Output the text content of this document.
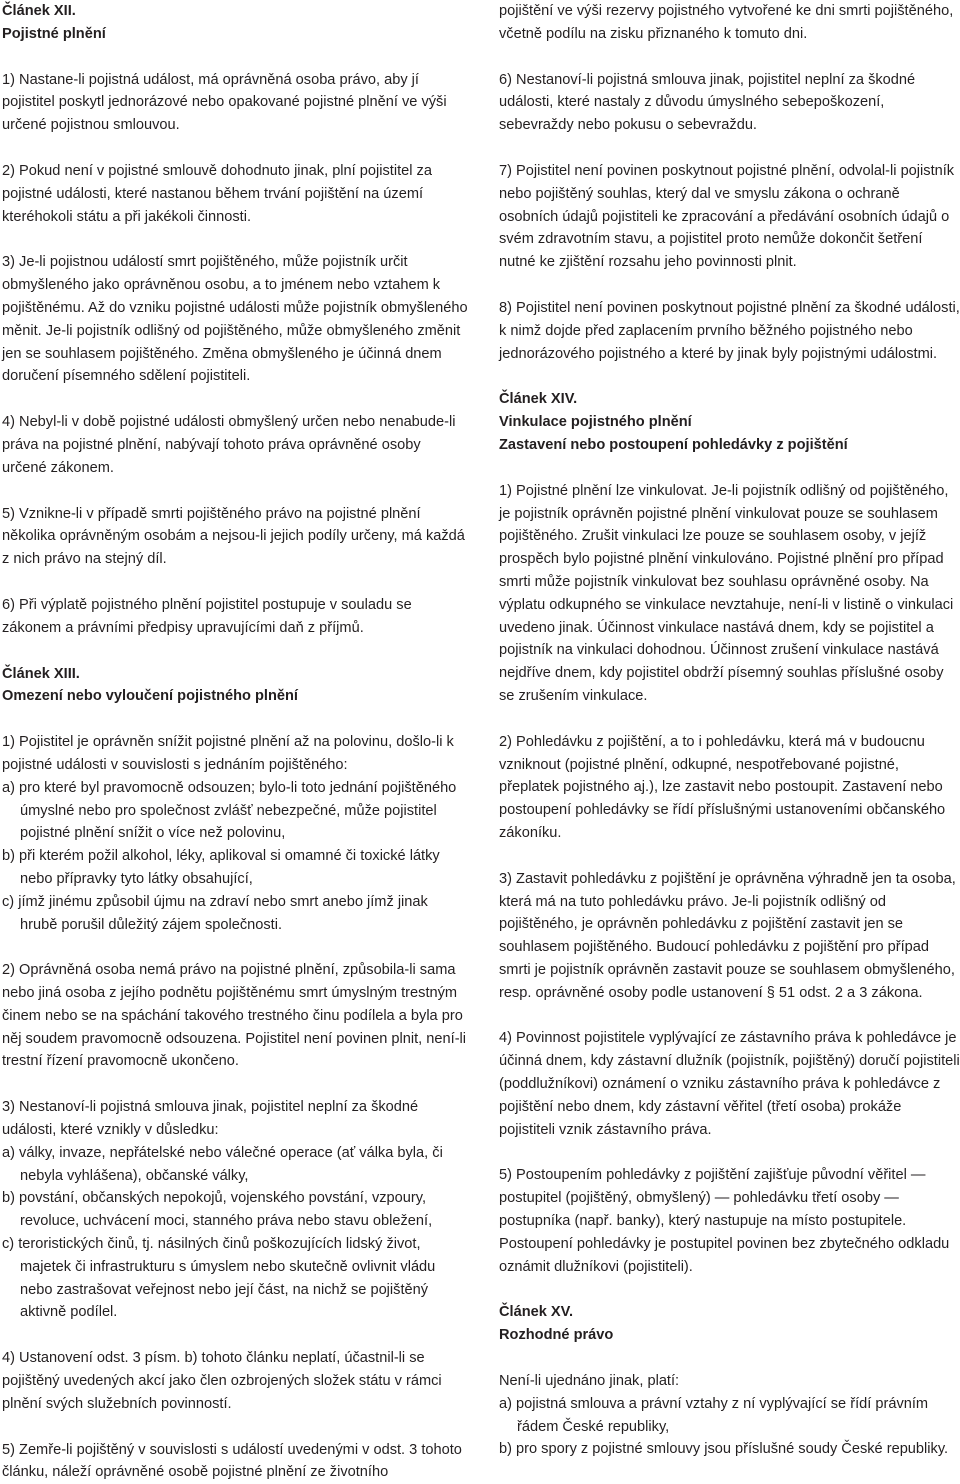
Článek XII.

Pojistné plnění

1) Nastane-li pojistná událost, má oprávněná osoba právo, aby jí pojistitel poskytl jednorázové nebo opakované pojistné plnění ve výši určené pojistnou smlouvou.

2) Pokud není v pojistné smlouvě dohodnuto jinak, plní pojistitel za pojistné události, které nastanou během trvání pojištění na území kteréhokoli státu a při jakékoli činnosti.

3) Je-li pojistnou událostí smrt pojištěného, může pojistník určit obmyšleného jako oprávněnou osobu, a to jménem nebo vztahem k pojištěnému. Až do vzniku pojistné události může pojistník obmyšleného měnit. Je-li pojistník odlišný od pojištěného, může obmyšleného změnit jen se souhlasem pojištěného. Změna obmyšleného je účinná dnem doručení písemného sdělení pojistiteli.

4) Nebyl-li v době pojistné události obmyšlený určen nebo nenabude-li práva na pojistné plnění, nabývají tohoto práva oprávněné osoby určené zákonem.

5) Vznikne-li v případě smrti pojištěného právo na pojistné plnění několika oprávněným osobám a nejsou-li jejich podíly určeny, má každá z nich právo na stejný díl.

6) Při výplatě pojistného plnění pojistitel postupuje v souladu se zákonem a právními předpisy upravujícími daň z příjmů.

Článek XIII.

Omezení nebo vyloučení pojistného plnění

1) Pojistitel je oprávněn snížit pojistné plnění až na polovinu, došlo-li k pojistné události v souvislosti s jednáním pojištěného:

a) pro které byl pravomocně odsouzen; bylo-li toto jednání pojištěného úmyslné nebo pro společnost zvlášť nebezpečné, může pojistitel pojistné plnění snížit o více než polovinu,

b) při kterém požil alkohol, léky, aplikoval si omamné či toxické látky nebo přípravky tyto látky obsahující,

c) jímž jinému způsobil újmu na zdraví nebo smrt anebo jímž jinak hrubě porušil důležitý zájem společnosti.

2) Oprávněná osoba nemá právo na pojistné plnění, způsobila-li sama nebo jiná osoba z jejího podnětu pojištěnému smrt úmyslným trestným činem nebo se na spáchání takového trestného činu podílela a byla pro něj soudem pravomocně odsouzena. Pojistitel není povinen plnit, není-li trestní řízení pravomocně ukončeno.

3) Nestanoví-li pojistná smlouva jinak, pojistitel neplní za škodné události, které vznikly v důsledku:

a) války, invaze, nepřátelské nebo válečné operace (ať válka byla, či nebyla vyhlášena), občanské války,

b) povstání, občanských nepokojů, vojenského povstání, vzpoury, revoluce, uchvácení moci, stanného práva nebo stavu obležení,

c) teroristických činů, tj. násilných činů poškozujících lidský život, majetek či infrastrukturu s úmyslem nebo skutečně ovlivnit vládu nebo zastrašovat veřejnost nebo její část, na nichž se pojištěný aktivně podílel.

4) Ustanovení odst. 3 písm. b) tohoto článku neplatí, účastnil-li se pojištěný uvedených akcí jako člen ozbrojených složek státu v rámci plnění svých služebních povinností.

5) Zemře-li pojištěný v souvislosti s událostí uvedenými v odst. 3 tohoto článku, náleží oprávněné osobě pojistné plnění ze životního

pojištění ve výši rezervy pojistného vytvořené ke dni smrti pojištěného, včetně podílu na zisku přiznaného k tomuto dni.

6) Nestanoví-li pojistná smlouva jinak, pojistitel neplní za škodné události, které nastaly z důvodu úmyslného sebepoškození, sebevraždy nebo pokusu o sebevraždu.

7) Pojistitel není povinen poskytnout pojistné plnění, odvolal-li pojistník nebo pojištěný souhlas, který dal ve smyslu zákona o ochraně osobních údajů pojistiteli ke zpracování a předávání osobních údajů o svém zdravotním stavu, a pojistitel proto nemůže dokončit šetření nutné ke zjištění rozsahu jeho povinnosti plnit.

8) Pojistitel není povinen poskytnout pojistné plnění za škodné události, k nimž dojde před zaplacením prvního běžného pojistného nebo jednorázového pojistného a které by jinak byly pojistnými událostmi.

Článek XIV.

Vinkulace pojistného plnění

Zastavení nebo postoupení pohledávky z pojištění

1) Pojistné plnění lze vinkulovat. Je-li pojistník odlišný od pojištěného, je pojistník oprávněn pojistné plnění vinkulovat pouze se souhlasem pojištěného. Zrušit vinkulaci lze pouze se souhlasem osoby, v jejíž prospěch bylo pojistné plnění vinkulováno. Pojistné plnění pro případ smrti může pojistník vinkulovat bez souhlasu oprávněné osoby. Na výplatu odkupného se vinkulace nevztahuje, není-li v listině o vinkulaci uvedeno jinak. Účinnost vinkulace nastává dnem, kdy se pojistitel a pojistník na vinkulaci dohodnou. Účinnost zrušení vinkulace nastává nejdříve dnem, kdy pojistitel obdrží písemný souhlas příslušné osoby se zrušením vinkulace.

2) Pohledávku z pojištění, a to i pohledávku, která má v budoucnu vzniknout (pojistné plnění, odkupné, nespotřebované pojistné, přeplatek pojistného aj.), lze zastavit nebo postoupit. Zastavení nebo postoupení pohledávky se řídí příslušnými ustanoveními občanského zákoníku.

3) Zastavit pohledávku z pojištění je oprávněna výhradně jen ta osoba, která má na tuto pohledávku právo. Je-li pojistník odlišný od pojištěného, je oprávněn pohledávku z pojištění zastavit jen se souhlasem pojištěného. Budoucí pohledávku z pojištění pro případ smrti je pojistník oprávněn zastavit pouze se souhlasem obmyšleného, resp. oprávněné osoby podle ustanovení § 51 odst. 2 a 3 zákona.

4) Povinnost pojistitele vyplývající ze zástavního práva k pohledávce je účinná dnem, kdy zástavní dlužník (pojistník, pojištěný) doručí pojistiteli (poddlužníkovi) oznámení o vzniku zástavního práva k pohledávce z pojištění nebo dnem, kdy zástavní věřitel (třetí osoba) prokáže pojistiteli vznik zástavního práva.

5) Postoupením pohledávky z pojištění zajišťuje původní věřitel — postupitel (pojištěný, obmyšlený) — pohledávku třetí osoby — postupníka (např. banky), který nastupuje na místo postupitele. Postoupení pohledávky je postupitel povinen bez zbytečného odkladu oznámit dlužníkovi (pojistiteli).

Článek XV.

Rozhodné právo

Není-li ujednáno jinak, platí:

a) pojistná smlouva a právní vztahy z ní vyplývající se řídí právním řádem České republiky,

b) pro spory z pojistné smlouvy jsou příslušné soudy České republiky.
